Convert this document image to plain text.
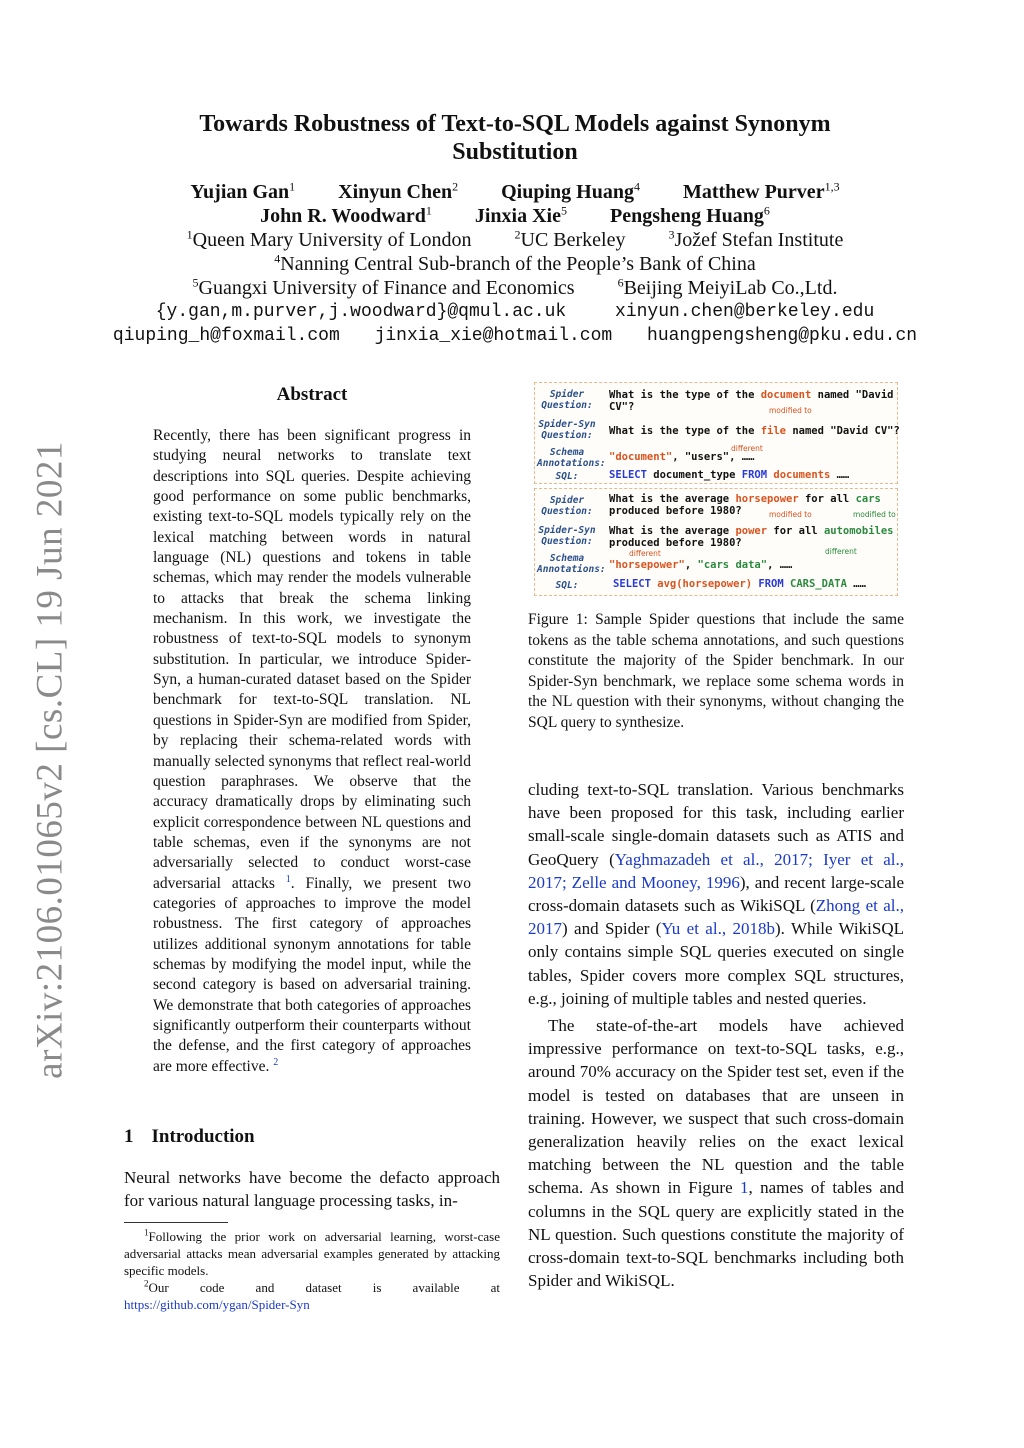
arXiv:2106.01065v2 [cs.CL] 19 Jun 2021
Towards Robustness of Text-to-SQL Models against Synonym Substitution
Yujian Gan$^1$ Xinyun Chen$^2$ Qiuping Huang$^4$ Matthew Purver$^{1,3}$
John R. Woodward$^1$ Jinxia Xie$^5$ Pengsheng Huang$^6$
$^1$Queen Mary University of London	$^2$UC Berkeley	$^3$Jožef Stefan Institute
$^4$Nanning Central Sub-branch of the People’s Bank of China
$^5$Guangxi University of Finance and Economics	$^6$Beijing MeiyiLab Co.,Ltd.
{y.gan,m.purver,j.woodward}@qmul.ac.uk	xinyun.chen@berkeley.edu
qiuping_h@foxmail.com jinxia_xie@hotmail.com huangpengsheng@pku.edu.cn
Abstract
Recently, there has been significant progress in studying neural networks to translate text descriptions into SQL queries. Despite achieving good performance on some public benchmarks, existing text-to-SQL models typically rely on the lexical matching between words in natural language (NL) questions and tokens in table schemas, which may render the models vulnerable to attacks that break the schema linking mechanism. In this work, we investigate the robustness of text-to-SQL models to synonym substitution. In particular, we introduce Spider-Syn, a human-curated dataset based on the Spider benchmark for text-to-SQL translation. NL questions in Spider-Syn are modified from Spider, by replacing their schema-related words with manually selected synonyms that reflect real-world question paraphrases. We observe that the accuracy dramatically drops by eliminating such explicit correspondence between NL questions and table schemas, even if the synonyms are not adversarially selected to conduct worst-case adversarial attacks $^1$. Finally, we present two categories of approaches to improve the model robustness. The first category of approaches utilizes additional synonym annotations for table schemas by modifying the model input, while the second category is based on adversarial training. We demonstrate that both categories of approaches significantly outperform their counterparts without the defense, and the first category of approaches are more effective. $^2$
1 Introduction
Neural networks have become the defacto approach for various natural language processing tasks, in-

$^1$Following the prior work on adversarial learning, worst-case adversarial attacks mean adversarial examples generated by attacking specific models.

$^2$Our code and dataset is available at

https://github.com/ygan/Spider-Syn

Spider
Question:
What is the type of the document named "David
CV"?	modified to
Spider-Syn
Question:	What is the type of the file named "David CV"?
different
Schema
Annotations:
"document", "users", ……
SQL:	SELECT document_type FROM documents ……
Spider
Question:
What is the average horsepower for all cars
produced before 1980?	modified to	modified to
Spider-Syn
Question:
What is the average power for all automobiles
produced before 1980?
different	different
Schema
Annotations: "horsepower", "cars data", ……
SQL:	SELECT avg(horsepower) FROM CARS_DATA ……
Figure 1: Sample Spider questions that include the same tokens as the table schema annotations, and such questions constitute the majority of the Spider benchmark. In our Spider-Syn benchmark, we replace some schema words in the NL question with their synonyms, without changing the SQL query to synthesize.

cluding text-to-SQL translation. Various benchmarks have been proposed for this task, including earlier small-scale single-domain datasets such as ATIS and GeoQuery (Yaghmazadeh et al., 2017; Iyer et al., 2017; Zelle and Mooney, 1996), and recent large-scale cross-domain datasets such as WikiSQL (Zhong et al., 2017) and Spider (Yu et al., 2018b). While WikiSQL only contains simple SQL queries executed on single tables, Spider covers more complex SQL structures, e.g., joining of multiple tables and nested queries.

The state-of-the-art models have achieved impressive performance on text-to-SQL tasks, e.g., around 70% accuracy on the Spider test set, even if the model is tested on databases that are unseen in training. However, we suspect that such cross-domain generalization heavily relies on the exact lexical matching between the NL question and the table schema. As shown in Figure 1, names of tables and columns in the SQL query are explicitly stated in the NL question. Such questions constitute the majority of cross-domain text-to-SQL benchmarks including both Spider and WikiSQL.
